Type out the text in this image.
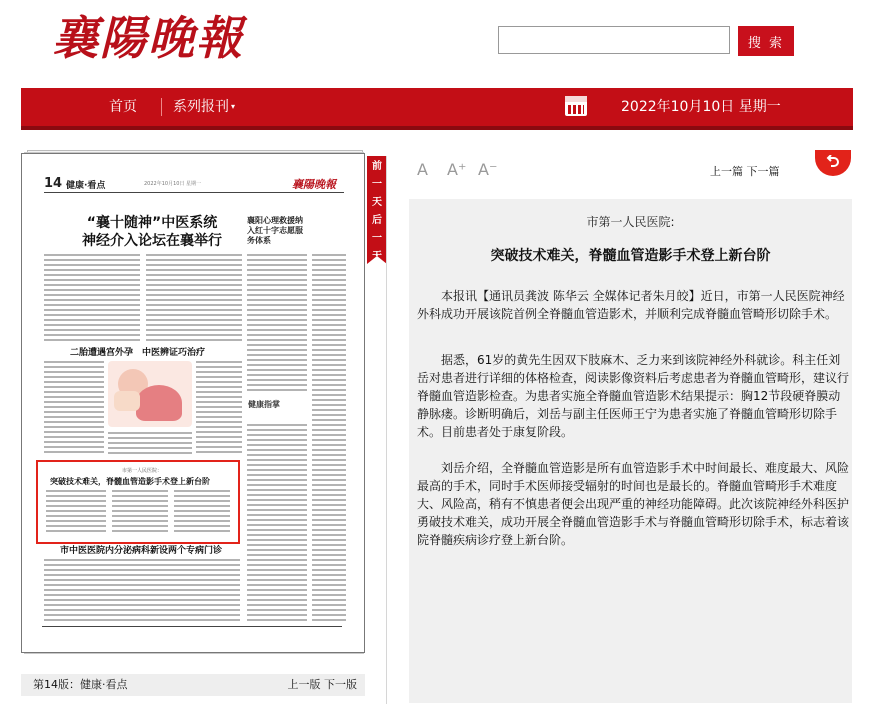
襄陽晚報	搜 索
首页	系列报刊 ▾	2022年10月10日 星期一
14 健康·看点	2022年10月10日 星期一	襄陽晚報
“襄十随神”中医系统
神经介入论坛在襄举行
襄阳心理救援纳入红十字志愿服务体系
二胎遭遇宫外孕　中医辨证巧治疗
健康指掌
市第一人民医院：
突破技术难关，脊髓血管造影手术登上新台阶
市中医医院内分泌病科新设两个专病门诊
第14版：健康·看点	上一版 下一版
前
一
天
后
一
天
A A⁺ A⁻	上一篇 下一篇
市第一人民医院:
突破技术难关，脊髓血管造影手术登上新台阶
本报讯【通讯员龚波 陈华云 全媒体记者朱月皎】近日，市第一人民医院神经外科成功开展该院首例全脊髓血管造影术，并顺利完成脊髓血管畸形切除手术。
据悉，61岁的黄先生因双下肢麻木、乏力来到该院神经外科就诊。科主任刘岳对患者进行详细的体格检查，阅读影像资料后考虑患者为脊髓血管畸形，建议行脊髓血管造影检查。为患者实施全脊髓血管造影术结果提示：胸12节段硬脊膜动静脉瘘。诊断明确后，刘岳与副主任医师王宁为患者实施了脊髓血管畸形切除手术。目前患者处于康复阶段。
刘岳介绍，全脊髓血管造影是所有血管造影手术中时间最长、难度最大、风险最高的手术，同时手术医师接受辐射的时间也是最长的。脊髓血管畸形手术难度大、风险高，稍有不慎患者便会出现严重的神经功能障碍。此次该院神经外科医护勇破技术难关，成功开展全脊髓血管造影手术与脊髓血管畸形切除手术，标志着该院脊髓疾病诊疗登上新台阶。
